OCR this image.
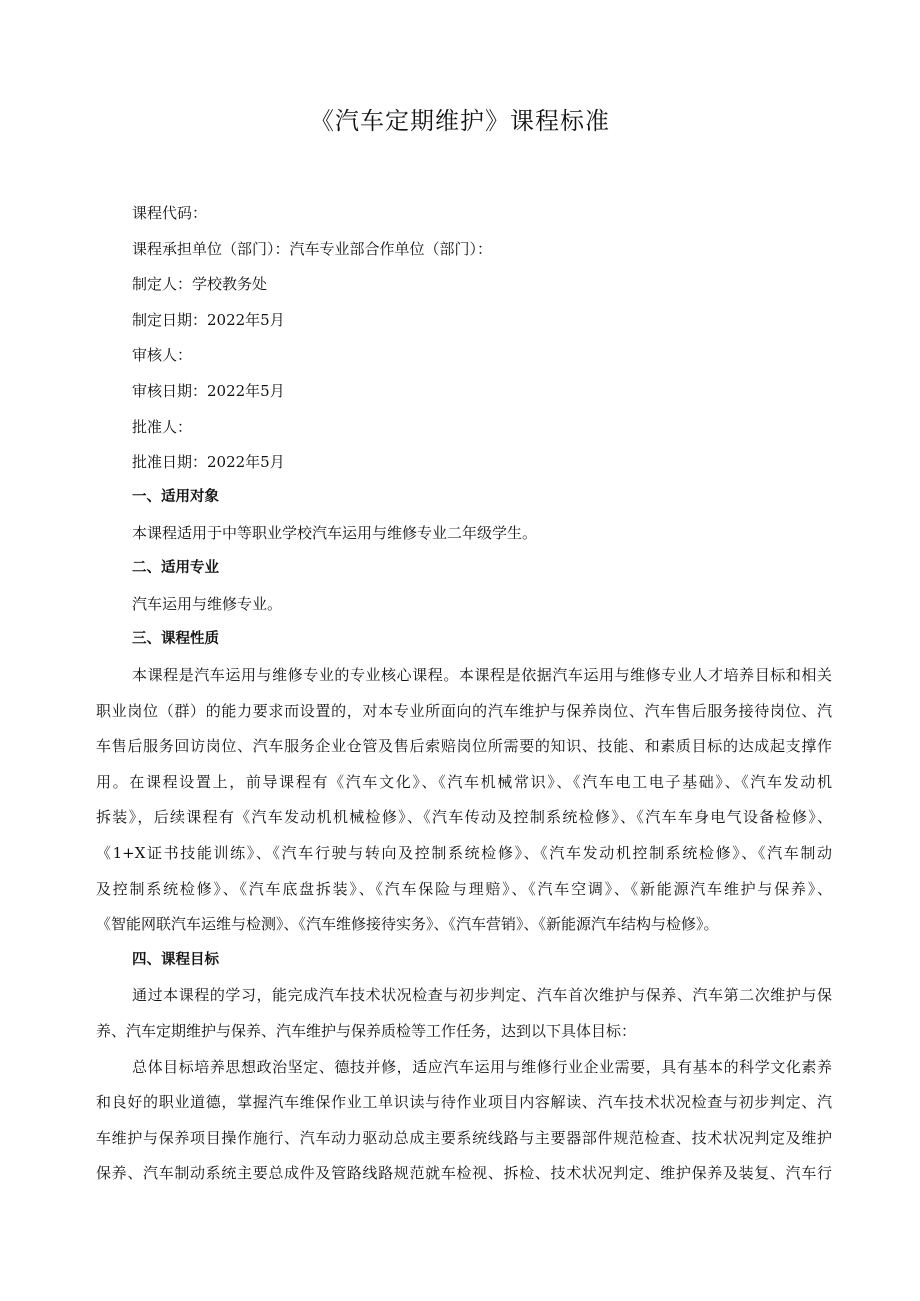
《汽车定期维护》课程标准
课程代码：
课程承担单位（部门）：汽车专业部合作单位（部门）：
制定人：学校教务处
制定日期：2022年5月
审核人：
审核日期：2022年5月
批准人：
批准日期：2022年5月
一、适用对象
本课程适用于中等职业学校汽车运用与维修专业二年级学生。
二、适用专业
汽车运用与维修专业。
三、课程性质
本课程是汽车运用与维修专业的专业核心课程。本课程是依据汽车运用与维修专业人才培养目标和相关
职业岗位（群）的能力要求而设置的，对本专业所面向的汽车维护与保养岗位、汽车售后服务接待岗位、汽
车售后服务回访岗位、汽车服务企业仓管及售后索赔岗位所需要的知识、技能、和素质目标的达成起支撑作
用。在课程设置上，前导课程有《汽车文化》、《汽车机械常识》、《汽车电工电子基础》、《汽车发动机
拆装》，后续课程有《汽车发动机机械检修》、《汽车传动及控制系统检修》、《汽车车身电气设备检修》、
《1+X证书技能训练》、《汽车行驶与转向及控制系统检修》、《汽车发动机控制系统检修》、《汽车制动
及控制系统检修》、《汽车底盘拆装》、《汽车保险与理赔》、《汽车空调》、《新能源汽车维护与保养》、
《智能网联汽车运维与检测》、《汽车维修接待实务》、《汽车营销》、《新能源汽车结构与检修》。
四、课程目标
通过本课程的学习，能完成汽车技术状况检查与初步判定、汽车首次维护与保养、汽车第二次维护与保
养、汽车定期维护与保养、汽车维护与保养质检等工作任务，达到以下具体目标：
总体目标培养思想政治坚定、德技并修，适应汽车运用与维修行业企业需要，具有基本的科学文化素养
和良好的职业道德，掌握汽车维保作业工单识读与待作业项目内容解读、汽车技术状况检查与初步判定、汽
车维护与保养项目操作施行、汽车动力驱动总成主要系统线路与主要器部件规范检查、技术状况判定及维护
保养、汽车制动系统主要总成件及管路线路规范就车检视、拆检、技术状况判定、维护保养及装复、汽车行
